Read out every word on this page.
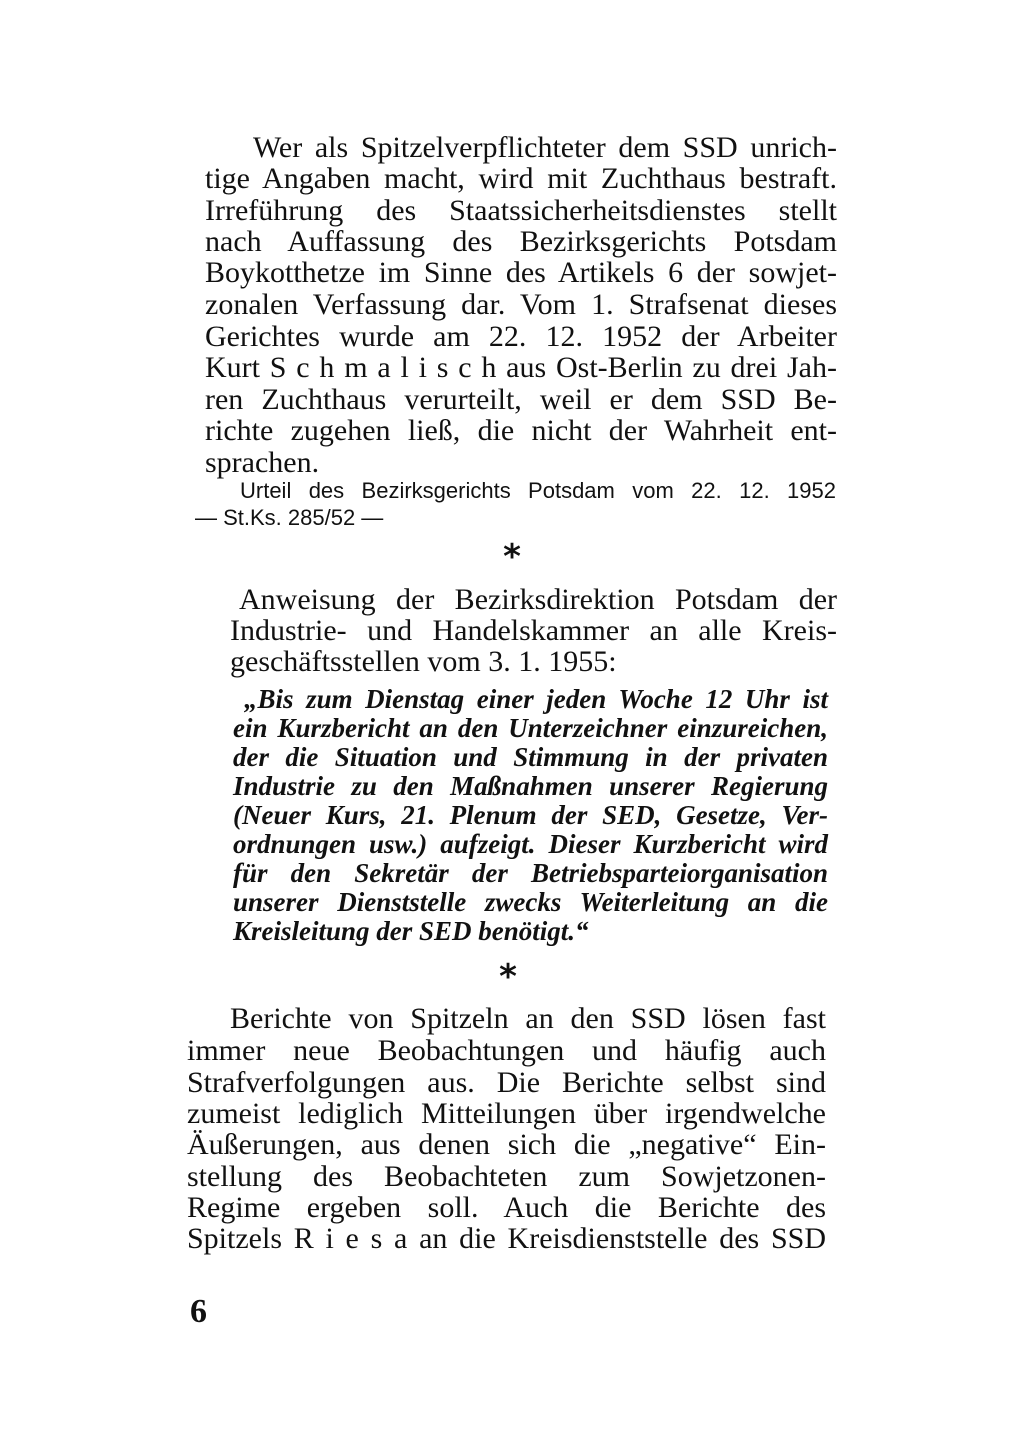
Wer als Spitzelverpflichteter dem SSD unrich-
tige Angaben macht, wird mit Zuchthaus bestraft.
Irreführung des Staatssicherheitsdienstes stellt
nach Auffassung des Bezirksgerichts Potsdam
Boykotthetze im Sinne des Artikels 6 der sowjet-
zonalen Verfassung dar. Vom 1. Strafsenat dieses
Gerichtes wurde am 22. 12. 1952 der Arbeiter
Kurt S c h m a l i s c h aus Ost-Berlin zu drei Jah-
ren Zuchthaus verurteilt, weil er dem SSD Be-
richte zugehen ließ, die nicht der Wahrheit ent-
sprachen.
Urteil des Bezirksgerichts Potsdam vom 22. 12. 1952
— St.Ks. 285/52 —
*
Anweisung der Bezirksdirektion Potsdam der
Industrie- und Handelskammer an alle Kreis-
geschäftsstellen vom 3. 1. 1955:
„Bis zum Dienstag einer jeden Woche 12 Uhr ist
ein Kurzbericht an den Unterzeichner einzureichen,
der die Situation und Stimmung in der privaten
Industrie zu den Maßnahmen unserer Regierung
(Neuer Kurs, 21. Plenum der SED, Gesetze, Ver-
ordnungen usw.) aufzeigt. Dieser Kurzbericht wird
für den Sekretär der Betriebsparteiorganisation
unserer Dienststelle zwecks Weiterleitung an die
Kreisleitung der SED benötigt.“
*
Berichte von Spitzeln an den SSD lösen fast
immer neue Beobachtungen und häufig auch
Strafverfolgungen aus. Die Berichte selbst sind
zumeist lediglich Mitteilungen über irgendwelche
Äußerungen, aus denen sich die „negative“ Ein-
stellung des Beobachteten zum Sowjetzonen-
Regime ergeben soll. Auch die Berichte des
Spitzels R i e s a an die Kreisdienststelle des SSD
6
